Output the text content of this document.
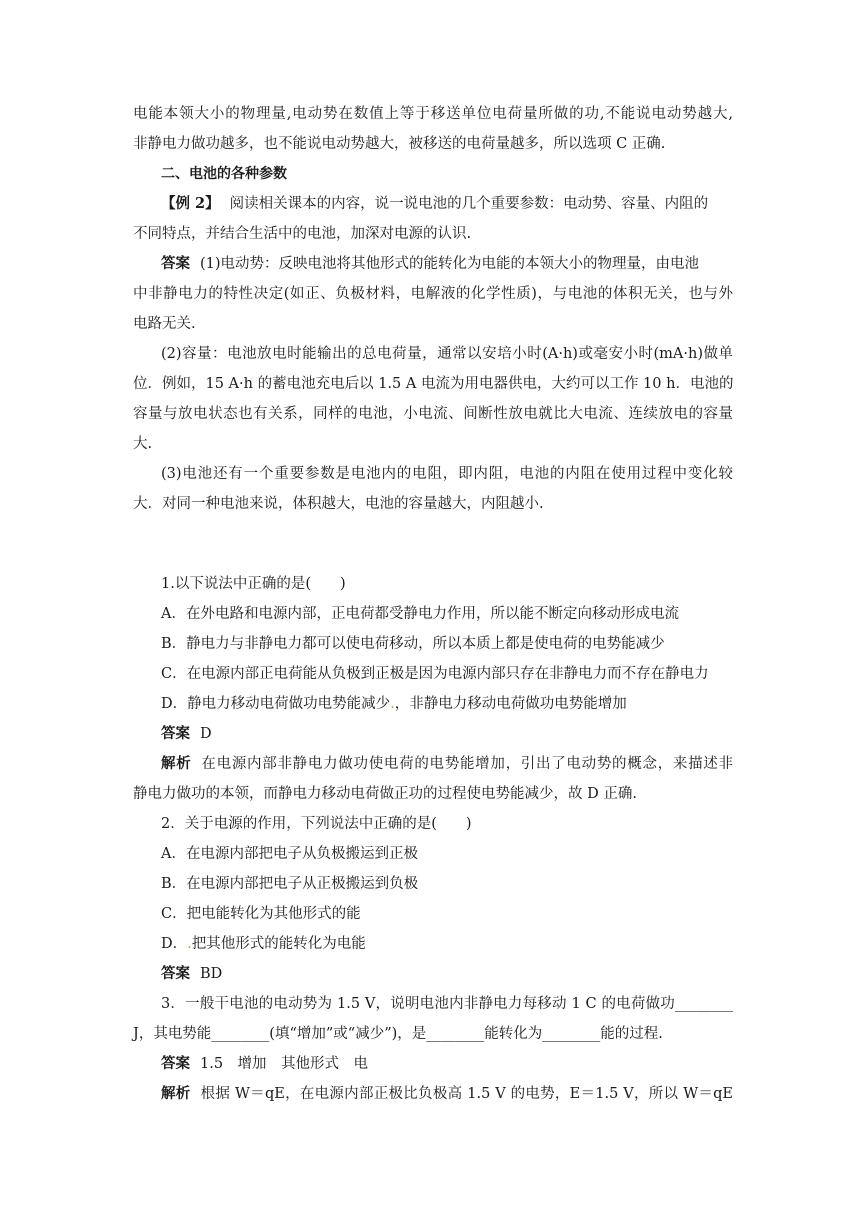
电能本领大小的物理量,电动势在数值上等于移送单位电荷量所做的功,不能说电动势越大,
非静电力做功越多，也不能说电动势越大，被移送的电荷量越多，所以选项 C 正确.
二、电池的各种参数
【例 2】 阅读相关课本的内容，说一说电池的几个重要参数：电动势、容量、内阻的
不同特点，并结合生活中的电池，加深对电源的认识.
答案 (1)电动势：反映电池将其他形式的能转化为电能的本领大小的物理量，由电池
中非静电力的特性决定(如正、负极材料，电解液的化学性质)，与电池的体积无关，也与外
电路无关.
(2)容量：电池放电时能输出的总电荷量，通常以安培小时(A·h)或毫安小时(mA·h)做单
位．例如，15 A·h 的蓄电池充电后以 1.5 A 电流为用电器供电，大约可以工作 10 h．电池的
容量与放电状态也有关系，同样的电池，小电流、间断性放电就比大电流、连续放电的容量
大.
(3)电池还有一个重要参数是电池内的电阻，即内阻，电池的内阻在使用过程中变化较
大．对同一种电池来说，体积越大，电池的容量越大，内阻越小.
1.以下说法中正确的是(　　)
A．在外电路和电源内部，正电荷都受静电力作用，所以能不断定向移动形成电流
B．静电力与非静电力都可以使电荷移动，所以本质上都是使电荷的电势能减少
C．在电源内部正电荷能从负极到正极是因为电源内部只存在非静电力而不存在静电力
D．静电力移动电荷做功电势能减少.，非静电力移动电荷做功电势能增加
答案 D
解析 在电源内部非静电力做功使电荷的电势能增加，引出了电动势的概念，来描述非
静电力做功的本领，而静电力移动电荷做正功的过程使电势能减少，故 D 正确.
2．关于电源的作用，下列说法中正确的是(　　)
A．在电源内部把电子从负极搬运到正极
B．在电源内部把电子从正极搬运到负极
C．把电能转化为其他形式的能
D．.把其他形式的能转化为电能
答案 BD
3．一般干电池的电动势为 1.5 V，说明电池内非静电力每移动 1 C 的电荷做功________
J，其电势能________(填“增加”或“减少”)，是________能转化为________能的过程.
答案 1.5　增加　其他形式　电
解析 根据 W＝qE，在电源内部正极比负极高 1.5 V 的电势，E＝1.5 V，所以 W＝qE
